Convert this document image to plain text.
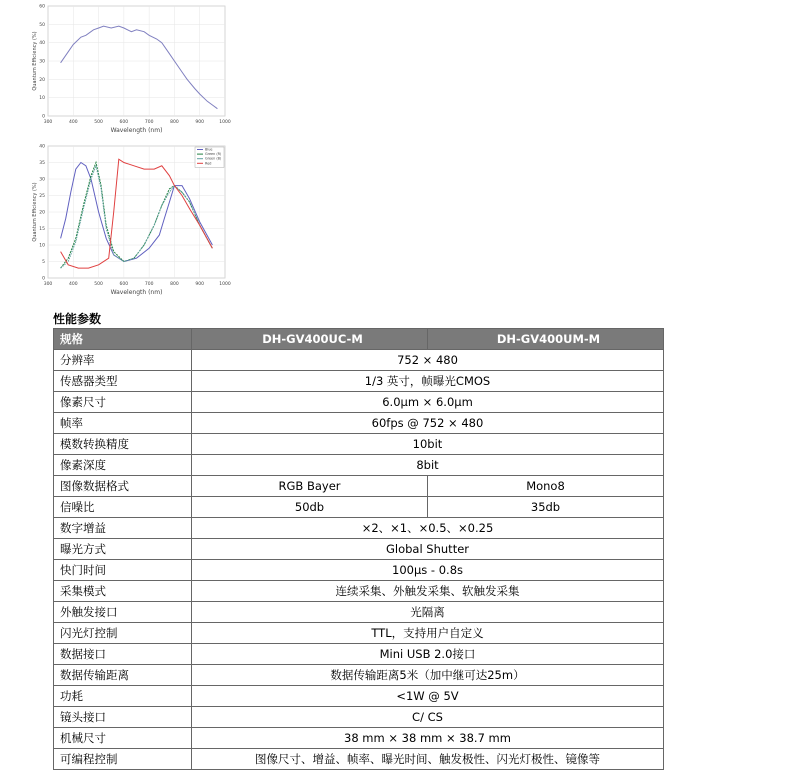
300	400	500	600	700	800	900	1000
0
10
20
30
40
50
60
Wavelength (nm)
Quantum Efficiency (%)
300	400	500	600	700	800	900	1000
0
5
10
15
20
25
30
35
40
Wavelength (nm)
Quantum Efficiency (%)
Blue
Green (R)
Green (B)
Red
性能参数
规格	DH-GV400UC-M	DH-GV400UM-M
分辨率	752 × 480	
传感器类型	1/3 英寸，帧曝光CMOS	
像素尺寸	6.0μm × 6.0μm	
帧率	60fps @ 752 × 480	
模数转换精度	10bit	
像素深度	8bit	
图像数据格式	RGB Bayer	Mono8
信噪比	50db	35db
数字增益	×2、×1、×0.5、×0.25	
曝光方式	Global Shutter	
快门时间	100μs - 0.8s	
采集模式	连续采集、外触发采集、软触发采集	
外触发接口	光隔离	
闪光灯控制	TTL，支持用户自定义	
数据接口	Mini USB 2.0接口	
数据传输距离	数据传输距离5米（加中继可达25m）	
功耗	<1W @ 5V	
镜头接口	C/ CS	
机械尺寸	38 mm × 38 mm × 38.7 mm	
可编程控制	图像尺寸、增益、帧率、曝光时间、触发极性、闪光灯极性、镜像等	
